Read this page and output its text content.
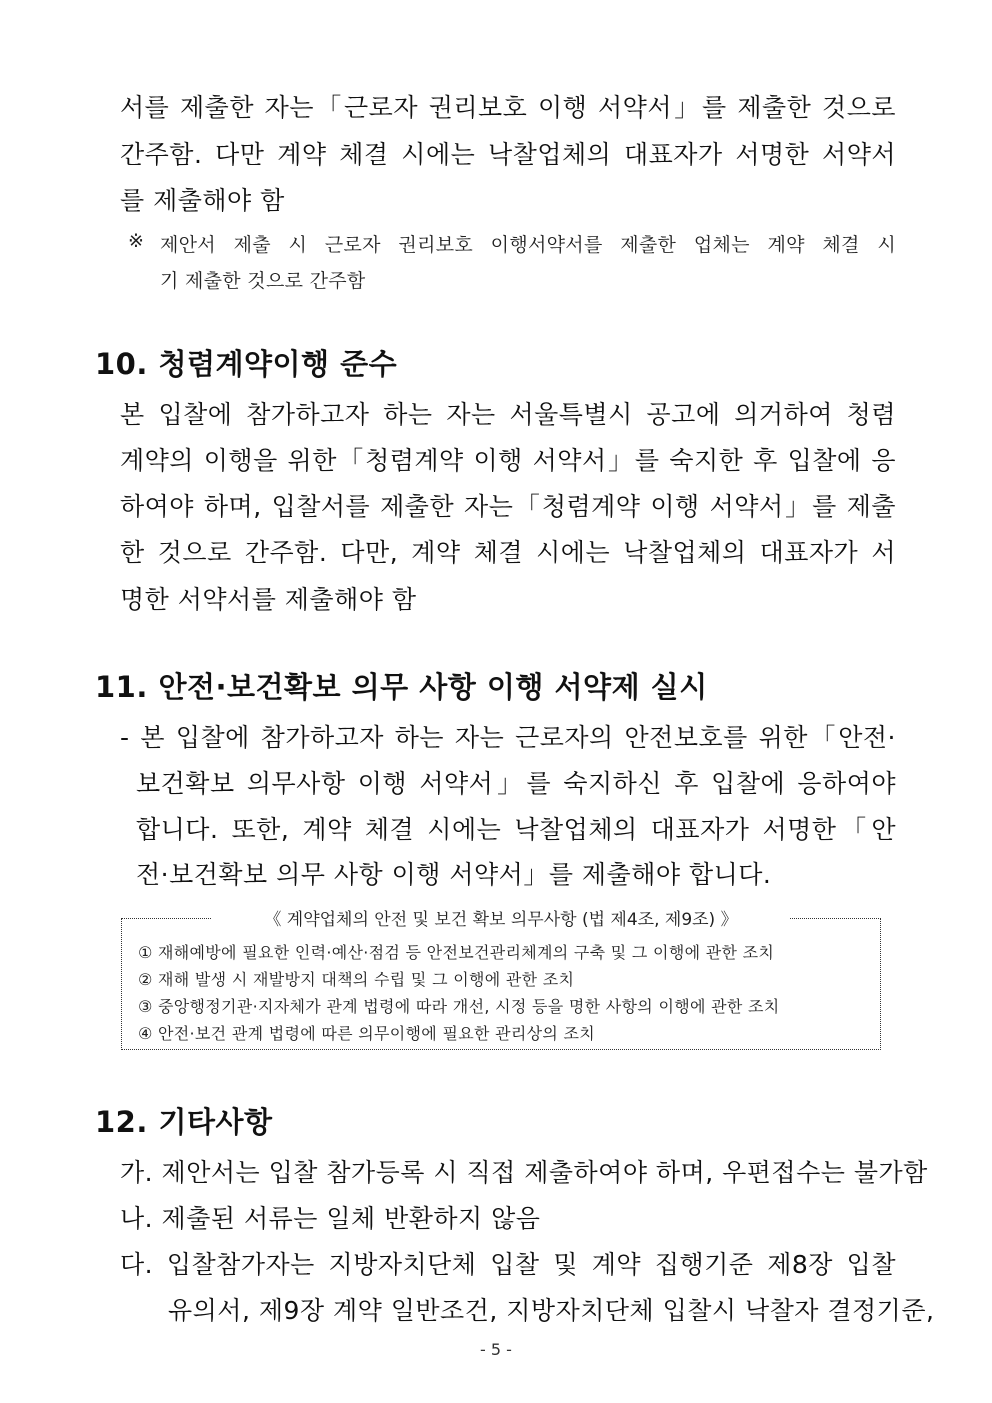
서를 제출한 자는「근로자 권리보호 이행 서약서」를 제출한 것으로
간주함. 다만 계약 체결 시에는 낙찰업체의 대표자가 서명한 서약서
를 제출해야 함
※ 제안서 제출 시 근로자 권리보호 이행서약서를 제출한 업체는 계약 체결 시
기 제출한 것으로 간주함
10. 청렴계약이행 준수
본 입찰에 참가하고자 하는 자는 서울특별시 공고에 의거하여 청렴
계약의 이행을 위한「청렴계약 이행 서약서」를 숙지한 후 입찰에 응
하여야 하며, 입찰서를 제출한 자는「청렴계약 이행 서약서」를 제출
한 것으로 간주함. 다만, 계약 체결 시에는 낙찰업체의 대표자가 서
명한 서약서를 제출해야 함
11. 안전·보건확보 의무 사항 이행 서약제 실시
- 본 입찰에 참가하고자 하는 자는 근로자의 안전보호를 위한「안전·
보건확보 의무사항 이행 서약서」를 숙지하신 후 입찰에 응하여야
합니다. 또한, 계약 체결 시에는 낙찰업체의 대표자가 서명한「안
전·보건확보 의무 사항 이행 서약서」를 제출해야 합니다.
《 계약업체의 안전 및 보건 확보 의무사항 (법 제4조, 제9조) 》
① 재해예방에 필요한 인력·예산·점검 등 안전보건관리체계의 구축 및 그 이행에 관한 조치
② 재해 발생 시 재발방지 대책의 수립 및 그 이행에 관한 조치
③ 중앙행정기관·지자체가 관계 법령에 따라 개선, 시정 등을 명한 사항의 이행에 관한 조치
④ 안전·보건 관계 법령에 따른 의무이행에 필요한 관리상의 조치
12. 기타사항
가. 제안서는 입찰 참가등록 시 직접 제출하여야 하며, 우편접수는 불가함
나. 제출된 서류는 일체 반환하지 않음
다. 입찰참가자는 지방자치단체 입찰 및 계약 집행기준 제8장 입찰
유의서, 제9장 계약 일반조건, 지방자치단체 입찰시 낙찰자 결정기준,
- 5 -
